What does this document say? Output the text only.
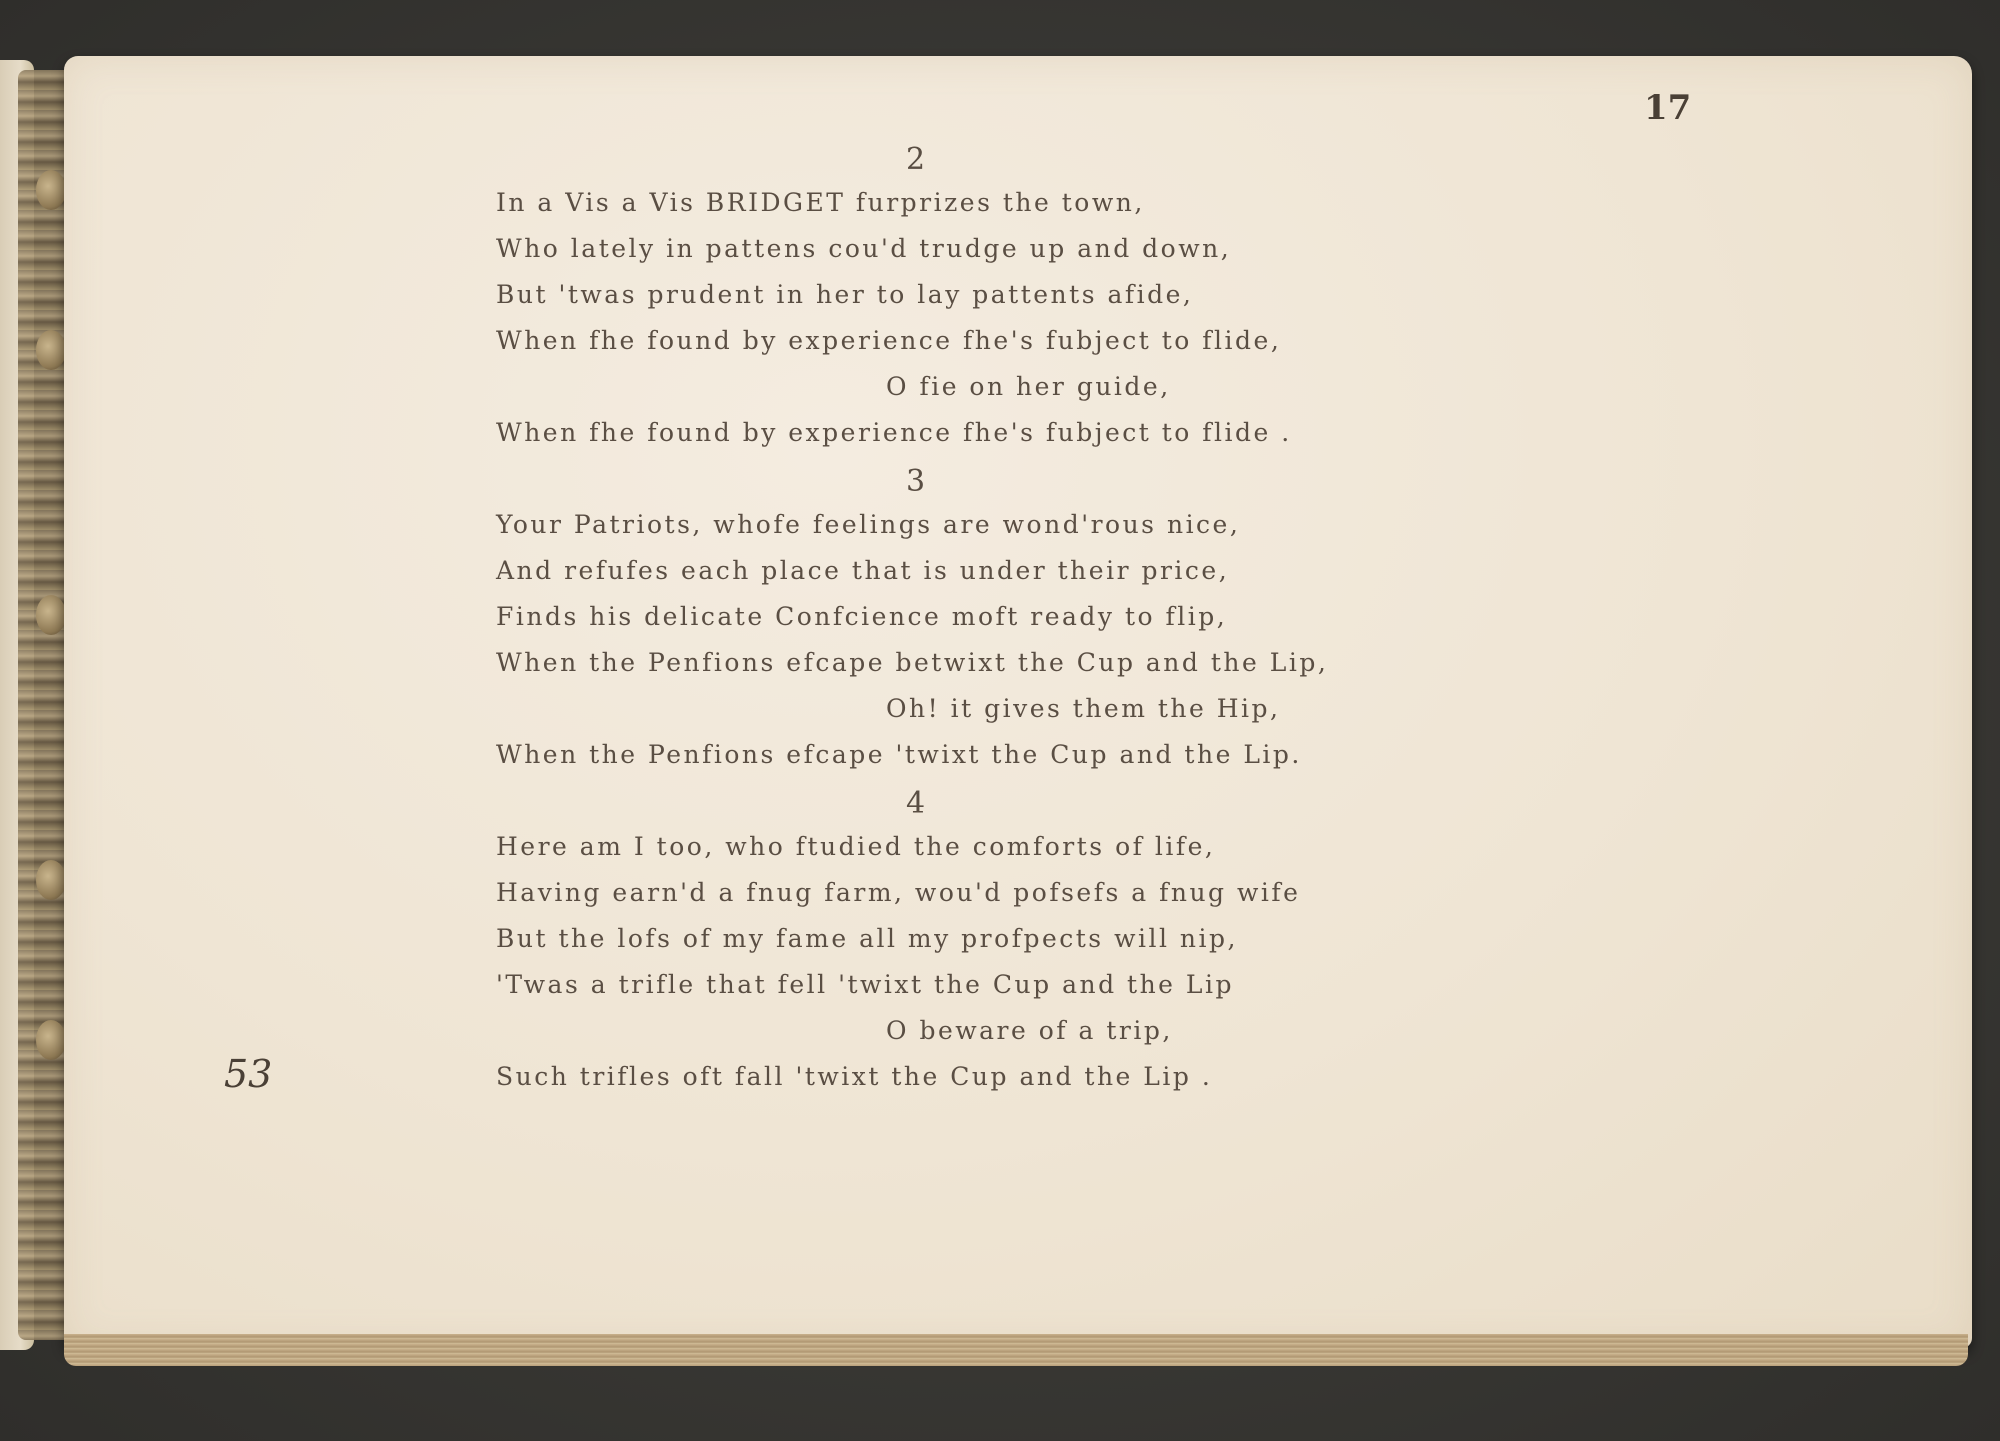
17
53
2
In a Vis a Vis BRIDGET furprizes the town,
Who lately in pattens cou'd trudge up and down,
But 'twas prudent in her to lay pattents afide,
When fhe found by experience fhe's fubject to flide,
O fie on her guide,
When fhe found by experience fhe's fubject to flide .
3
Your Patriots, whofe feelings are wond'rous nice,
And refufes each place that is under their price,
Finds his delicate Confcience moft ready to flip,
When the Penfions efcape betwixt the Cup and the Lip,
Oh! it gives them the Hip,
When the Penfions efcape 'twixt the Cup and the Lip.
4
Here am I too, who ftudied the comforts of life,
Having earn'd a fnug farm, wou'd pofsefs a fnug wife
But the lofs of my fame all my profpects will nip,
'Twas a trifle that fell 'twixt the Cup and the Lip
O beware of a trip,
Such trifles oft fall 'twixt the Cup and the Lip .
